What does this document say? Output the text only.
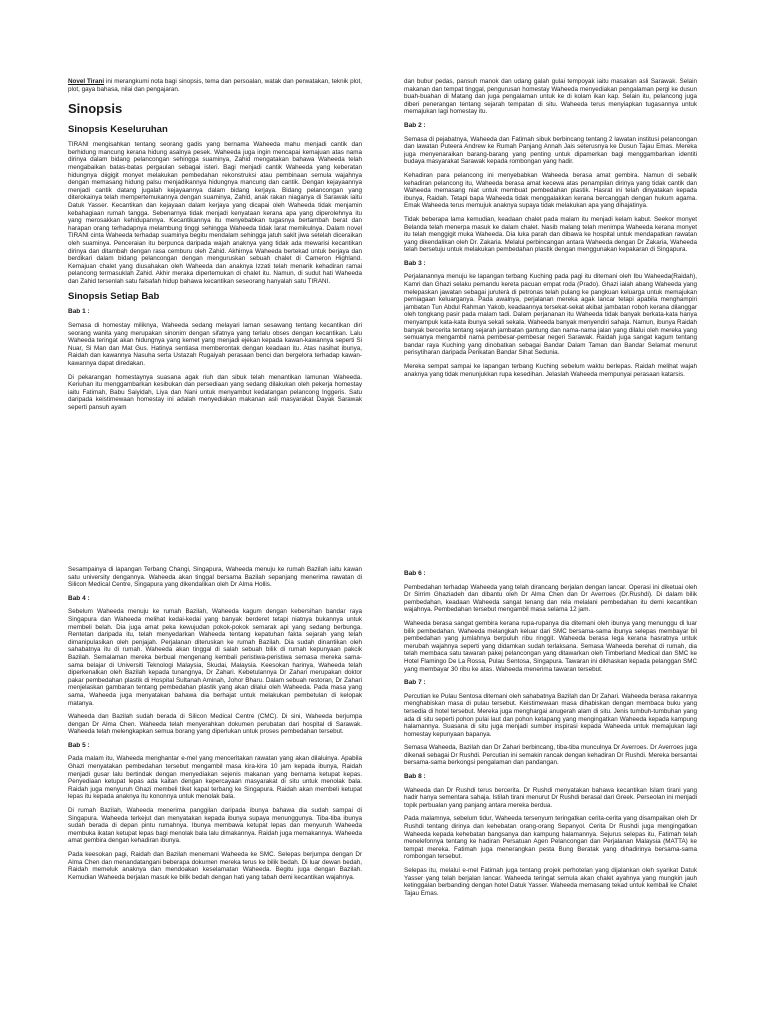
Novel Tirani ini merangkumi nota bagi sinopsis, tema dan persoalan, watak dan perwatakan, teknik plot, plot, gaya bahasa, nilai dan pengajaran.

Sinopsis
Sinopsis Keseluruhan

TIRANI mengisahkan tentang seorang gadis yang bernama Waheeda mahu menjadi cantik dan berhidung mancung kerana hidung asalnya pesek. Waheeda juga ingin mencapai kemajuan atas nama dirinya dalam bidang pelancongan sehingga suaminya, Zahid mengatakan bahawa Waheeda telah mengabaikan batas-batas pergaulan sebagai isteri. Bagi menjadi cantik Waheeda yang keberatan hidungnya diigigit monyet melakukan pembedahan rekonstruksi atau pembinaan semula wajahnya dengan memasang hidung palsu menjadikannya hidungnya mancung dan cantik. Dengan kejayaannya menjadi cantik datang jugalah kejayaannya dalam bidang kerjaya. Bidang pelancongan yang diterokainya telah mempertemukannya dengan suaminya, Zahid, anak rakan niaganya di Sarawak iaitu Datuk Yasser. Kecantikan dan kejayaan dalam kerjaya yang dicapai oleh Waheeda tidak menjamin kebahagiaan rumah tangga. Sebenarnya tidak menjadi kenyataan kerana apa yang diperolehnya itu yang merosakkan kehidupannya. Kecantikannya itu menyebabkan tugasnya bertambah berat dan harapan orang terhadapnya melambung tinggi sehingga Waheeda tidak larat memikulnya. Dalam novel TIRANI cinta Waheeda terhadap suaminya begitu mendalam sehingga jatuh sakit jiwa setelah diceraikan oleh suaminya. Penceraian itu berpunca daripada wajah anaknya yang tidak ada mewarisi kecantikan dirinya dan ditambah dengan rasa cemburu oleh Zahid. Akhirnya Waheeda bertekad untuk berjaya dan berdikari dalam bidang pelancongan dengan menguruskan sebuah chalet di Cameron Highland. Kemajuan chalet yang diusahakan oleh Waheeda dan anaknya Izzati telah menarik kehadiran ramai pelancong termasuklah Zahid. Akhir meraka dipertemukan di chalet itu. Namun, di sudut hati Waheeda dan Zahid tersenlah satu falsafah hidup bahawa kecantikan seseorang hanyalah satu TIRANI.

Sinopsis Setiap Bab
Bab 1 :

Semasa di homestay miliknya, Waheeda sedang melayari laman sesawang tentang kecantikan diri seorang wanita yang merupakan sinonim dengan sifatnya yang terlalu obses dengan kecantikan. Lalu Waheeda teringat akan hidungnya yang kemet yang menjadi ejekan kepada kawan-kawannya seperti Si Nuar, Si Man dan Mat Gus. Hatinya sentiasa memberontak dengan keadaan itu. Atas nasihat ibunya, Raidah dan kawannya Nasuha serta Ustazah Rugaiyah perasaan benci dan bergelora terhadap kawan-kawannya dapat diredakan.

Di pekarangan homestaynya suasana agak riuh dan sibuk telah menantikan lamunan Waheeda. Keriuhan itu menggambarkan kesibukan dan persediaan yang sedang dilakukan oleh pekerja homestay iaitu Fatimah, Babu Saiyidah, Liya dan Nani untuk menyambut kedatangan pelancong Inggeris. Satu daripada keistimewaan homestay ini adalah menyediakan makanan asli masyarakat Dayak Sarawak seperti pansuh ayam

dan bubur pedas, pansuh manok dan udang galah gulai tempoyak iaitu masakan asli Sarawak. Selain makanan dan tempat tinggal, pengurusan homestay Waheeda menyediakan pengalaman pergi ke dusun buah-buahan di Matang dan juga pengalaman untuk ke di kolam ikan kap. Selain itu, pelancong juga diberi penerangan tentang sejarah tempatan di situ. Waheeda terus menyiapkan tugasannya untuk memajukan lagi homestay itu.

Bab 2 :

Semasa di pejabatnya, Waheeda dan Fatimah sibuk berbincang tentang 2 lawatan institusi pelancongan dan lawatan Puteera Andrew ke Rumah Panjang Annah Jais seterusnya ke Dusun Tajau Emas. Mereka juga menyenaraikan barang-barang yang penting untuk dipamerkan bagi menggambarkan identiti budaya masyarakat Sarawak kepada rombongan yang hadir.

Kehadiran para pelancong ini menyebabkan Waheeda berasa amat gembira. Namun di sebalik kehadiran pelancong itu, Waheeda berasa amat kecewa atas penampilan dirinya yang tidak cantik dan Waheeda memasang niat untuk membuat pembedahan plastik. Hasrat ini telah dinyatakan kepada ibunya, Raidah. Tetapi bapa Waheeda tidak menggalakkan kerana bercanggah dengan hukum agama. Emak Waheeda terus memujuk anaknya supaya tidak melakukan apa yang dihajatinya.

Tidak beberapa lama kemudian, keadaan chalet pada malam itu menjadi kelam kabut. Seekor monyet Belanda telah menerpa masuk ke dalam chalet. Nasib malang telah menimpa Waheeda kerana monyet itu telah menggigit muka Waheeda. Dia luka parah dan dibawa ke hospital untuk mendapatkan rawatan yang dikendalikan oleh Dr. Zakaria. Melalui perbincangan antara Waheeda dengan Dr Zakaria, Waheeda telah bersetuju untuk melakukan pembedahan plastik dengan menggunakan kepakaran di Singapura.

Bab 3 :

Perjalanannya menuju ke lapangan terbang Kuching pada pagi itu ditemani oleh Ibu Waheeda(Raidah), Kamri dan Ghazi selaku pemandu kereta pacuan empat roda (Prado). Ghazi ialah abang Waheeda yang melepaskan jawatan sebagai juruterà di petronas telah pulang ke pangkuan keluarga untuk memajukan perniagaan keluarganya. Pada awalnya, perjalanan mereka agak lancar tetapi apabila menghampiri jambatan Tun Abdul Rahman Yakob, keadaannya tersekat-sekat akibat jambatan roboh kerana dilanggar oleh tongkang pasir pada malam tadi. Dalam perjananan itu Waheeda tidak banyak berkata-kata hanya menyampuk kata-kata ibunya sekali sekala. Waheeda banyak menyendiri sahaja. Namun, ibunya Raidah banyak bercerita tentang sejarah jambatan gantung dan nama-nama jalan yang dilalui oleh mereka yang semuanya mengambil nama pembesar-pembesar negeri Sarawak. Raidah juga sangat kagum tentang bandar raya Kuching yang dinobatkan sebagai Bandar Dalam Taman dan Bandar Selamat menurut perisytiharan daripada Perikatan Bandar Sihat Sedunia.

Mereka sempat sampai ke lapangan terbang Kuching sebelum waktu berlepas. Raidah melihat wajah anaknya yang tidak menunjukkan rupa kesedihan. Jelaslah Waheeda mempunyai perasaan katarsis.

Sesampainya di lapangan Terbang Changi, Singapura, Waheeda menuju ke rumah Bazilah iaitu kawan satu university dengannya. Waheeda akan tinggal bersama Bazilah sepanjang menerima rawatan di Silicon Medical Centre, Singapura yang dikendalikan oleh Dr Alma Hollis.

Bab 4 :

Sebelum Waheeda menuju ke rumah Bazilah, Waheeda kagum dengan kebersihan bandar raya Singapura dan Waheeda melihat kedai-kedai yang banyak berderet tetapi niatnya bukannya untuk membeli belah. Dia juga amat peka kewujudan pokok-pokok semarak api yang sedang berbunga. Rentetan daripada itu, telah menyedarkan Waheeda tentang kepatuhan fakta sejarah yang telah dimanipulasikan oleh penjajah. Perjalanan diteruskan ke rumah Bazilah. Dia sudah dinantikan oleh sahabatnya itu di rumah. Waheeda akan tinggal di salah sebuah bilik di rumah kepunyaan pakcik Bazilah. Semalaman mereka berbual mengenang kembali peristiwa-peristiwa semasa mereka sama-sama belajar di Universiti Teknologi Malaysia, Skudai, Malaysia. Keesokan harinya, Waheeda telah diperkenalkan oleh Bazilah kepada tunangnya, Dr Zahari. Kebetulannya Dr Zahari merupakan doktor pakar pembedahan plastik di Hospital Sultanah Aminah, Johor Bharu. Dalam sebuah restoran, Dr Zahari menjelaskan gambaran tentang pembedahan plastik yang akan dilalui oleh Waheeda. Pada masa yang sama, Waheeda juga menyatakan bahawa dia berhajat untuk melakukan pembetulan di kelopak matanya.

Waheeda dan Bazilah sudah berada di Silicon Medical Centre (CMC). Di sini, Waheeda berjumpa dengan Dr Alma Chen. Waheeda telah menyerahkan dokumen perubatan dari hospital di Sarawak. Waheeda telah melengkapkan semua borang yang diperlukan untuk proses pembedahan tersebut.

Bab 5 :

Pada malam itu, Waheeda menghantar e-mel yang menceritakan rawatan yang akan dilaluinya. Apabila Ghazi menyatakan pembedahan tersebut mengambil masa kira-kira 10 jam kepada ibunya, Raidah menjadi gusar lalu bertindak dengan menyediakan sejenis makanan yang bernama ketupat kepas. Penyediaan ketupat lepas ada kaitan dengan kepercayaan masyarakat di situ untuk menolak bala. Raidah juga menyuruh Ghazi membeli tiket kapal terbang ke Singapura. Raidah akan membeli ketupat lepas itu kepada anaknya itu kononnya untuk menolak bala.

Di rumah Bazilah, Waheeda menerima panggilan daripada ibunya bahawa dia sudah sampai di Singapura. Waheeda terkejut dan menyatakan kepada ibunya supaya menunggunya. Tiba-tiba ibunya sudah berada di depan pintu rumahnya. Ibunya membawa ketupat lepas dan menyuruh Waheeda membuka ikatan ketupat lepas bagi menolak bala lalu dimakannya. Raidah juga memakannya. Waheeda amat gembira dengan kehadiran ibunya.

Pada keesokan pagi, Raidah dan Bazilah menemani Waheeda ke SMC. Selepas berjumpa dengan Dr Alma Chen dan menandatangani beberapa dokumen mereka terus ke bilik bedah. Di luar dewan bedah, Raidah memeluk anaknya dan mendoakan keselamatan Waheeda. Begitu juga dengan Bazilah. Kemudian Waheeda berjalan masuk ke bilik bedah dengan hati yang tabah demi kecantikan wajahnya.

Bab 6 :

Pembedahan terhadap Waheeda yang telah dirancang berjalan dengan lancar. Operasi ini diketuai oleh Dr Sirrim Ghaziadeh dan dibantu oleh Dr Alma Chen dan Dr Averroes (Dr.Rushdi). Di dalam bilik pembedahan, keadaan Waheeda sangat tenang dan rela melalani pembedahan itu demi kecantikan wajahnya. Pembedahan tersebut mengambil masa selama 12 jam.

Waheeda berasa sangat gembira kerana rupa-rupanya dia ditemani oleh ibunya yang menunggu di luar bilik pembedahan. Waheeda melangkah keluar dari SMC bersama-sama ibunya selepas membayar bil pembedahan yang jumlahnya berpuluh ribu ringgit. Waheeda berasa lega kerana hasratnya untuk merubah wajahnya seperti yang didamkan sudah terlaksana. Semasa Waheeda berehat di rumah, dia telah membaca satu tawaran pakej pelancongan yang ditawarkan oleh Timberland Medical dan SMC ke Hotel Flamingo De La Rossa, Pulau Sentosa, Singapura. Tawaran ini dikhaskan kepada pelanggan SMC yang membayar 30 ribu ke atas. Waheeda menerima tawaran tersebut.

Bab 7 :

Percutian ke Pulau Sentosa ditemani oleh sahabatnya Bazilah dan Dr Zahari. Waheeda berasa rakannya menghabiskan masa di pulau tersebut. Keistimewaan masa dihabiskan dengan membaca buku yang tersedia di hotel tersebut. Mereka juga menghargai anugerah alam di situ. Jenis tumbuh-tumbuhan yang ada di situ seperti pohon pulai laut dan pohon ketapang yang mengingatkan Waheeda kepada kampung halamannya. Suasana di situ juga menjadi sumber inspirasi kepada Waheeda untuk memajukan lagi homestay kepunyaan bapanya.

Semasa Waheeda, Bazilah dan Dr Zahari berbincang, tiba-tiba munculnya Dr Averroes. Dr Averroes juga dikenali sebagai Dr Rushdi. Percutian ini semakin rancak dengan kehadiran Dr Rushdi. Mereka bersantai bersama-sama berkongsi pengalaman dan pandangan.

Bab 8 :

Waheeda dan Dr Rushdi terus bercerita. Dr Rushdi menyatakan bahawa kecantikan Islam tirani yang hadir hanya sementara sahaja. Istilah tirani menurut Dr Rushdi berasal dari Greek. Perseolan ini menjadi topik perbualan yang panjang antara mereka berdua.

Pada malamnya, sebelum tidur, Waheeda tersenyum teringatkan cerita-cerita yang disampaikan oleh Dr Rushdi tentang dirinya dan kehebatan orang-orang Sepanyol. Cerita Dr Rushdi juga mengingatkan Waheeda kepada kehebatan bangsanya dan kampung halamannya. Sejurus selepas itu, Fatimah telah menelefonnya tentang ke hadiran Persatuan Agen Pelancongan dan Perjalanan Malaysia (MATTA) ke tempat mereka. Fatimah juga menerangkan pesta Bung Beratak yang dihadirinya bersama-sama rombongan tersebut.

Selepas itu, melalui e-mel Fatimah juga tentang projek perhotelan yang dijalankan oleh syarikat Datuk Yasser yang telah berjalan lancar. Waheeda teringat semula akan chalet ayahnya yang mungkin jauh ketinggalan berbanding dengan hotel Datuk Yasser. Waheeda memasang tekad untuk kembali ke Chalet Tajau Emas.
